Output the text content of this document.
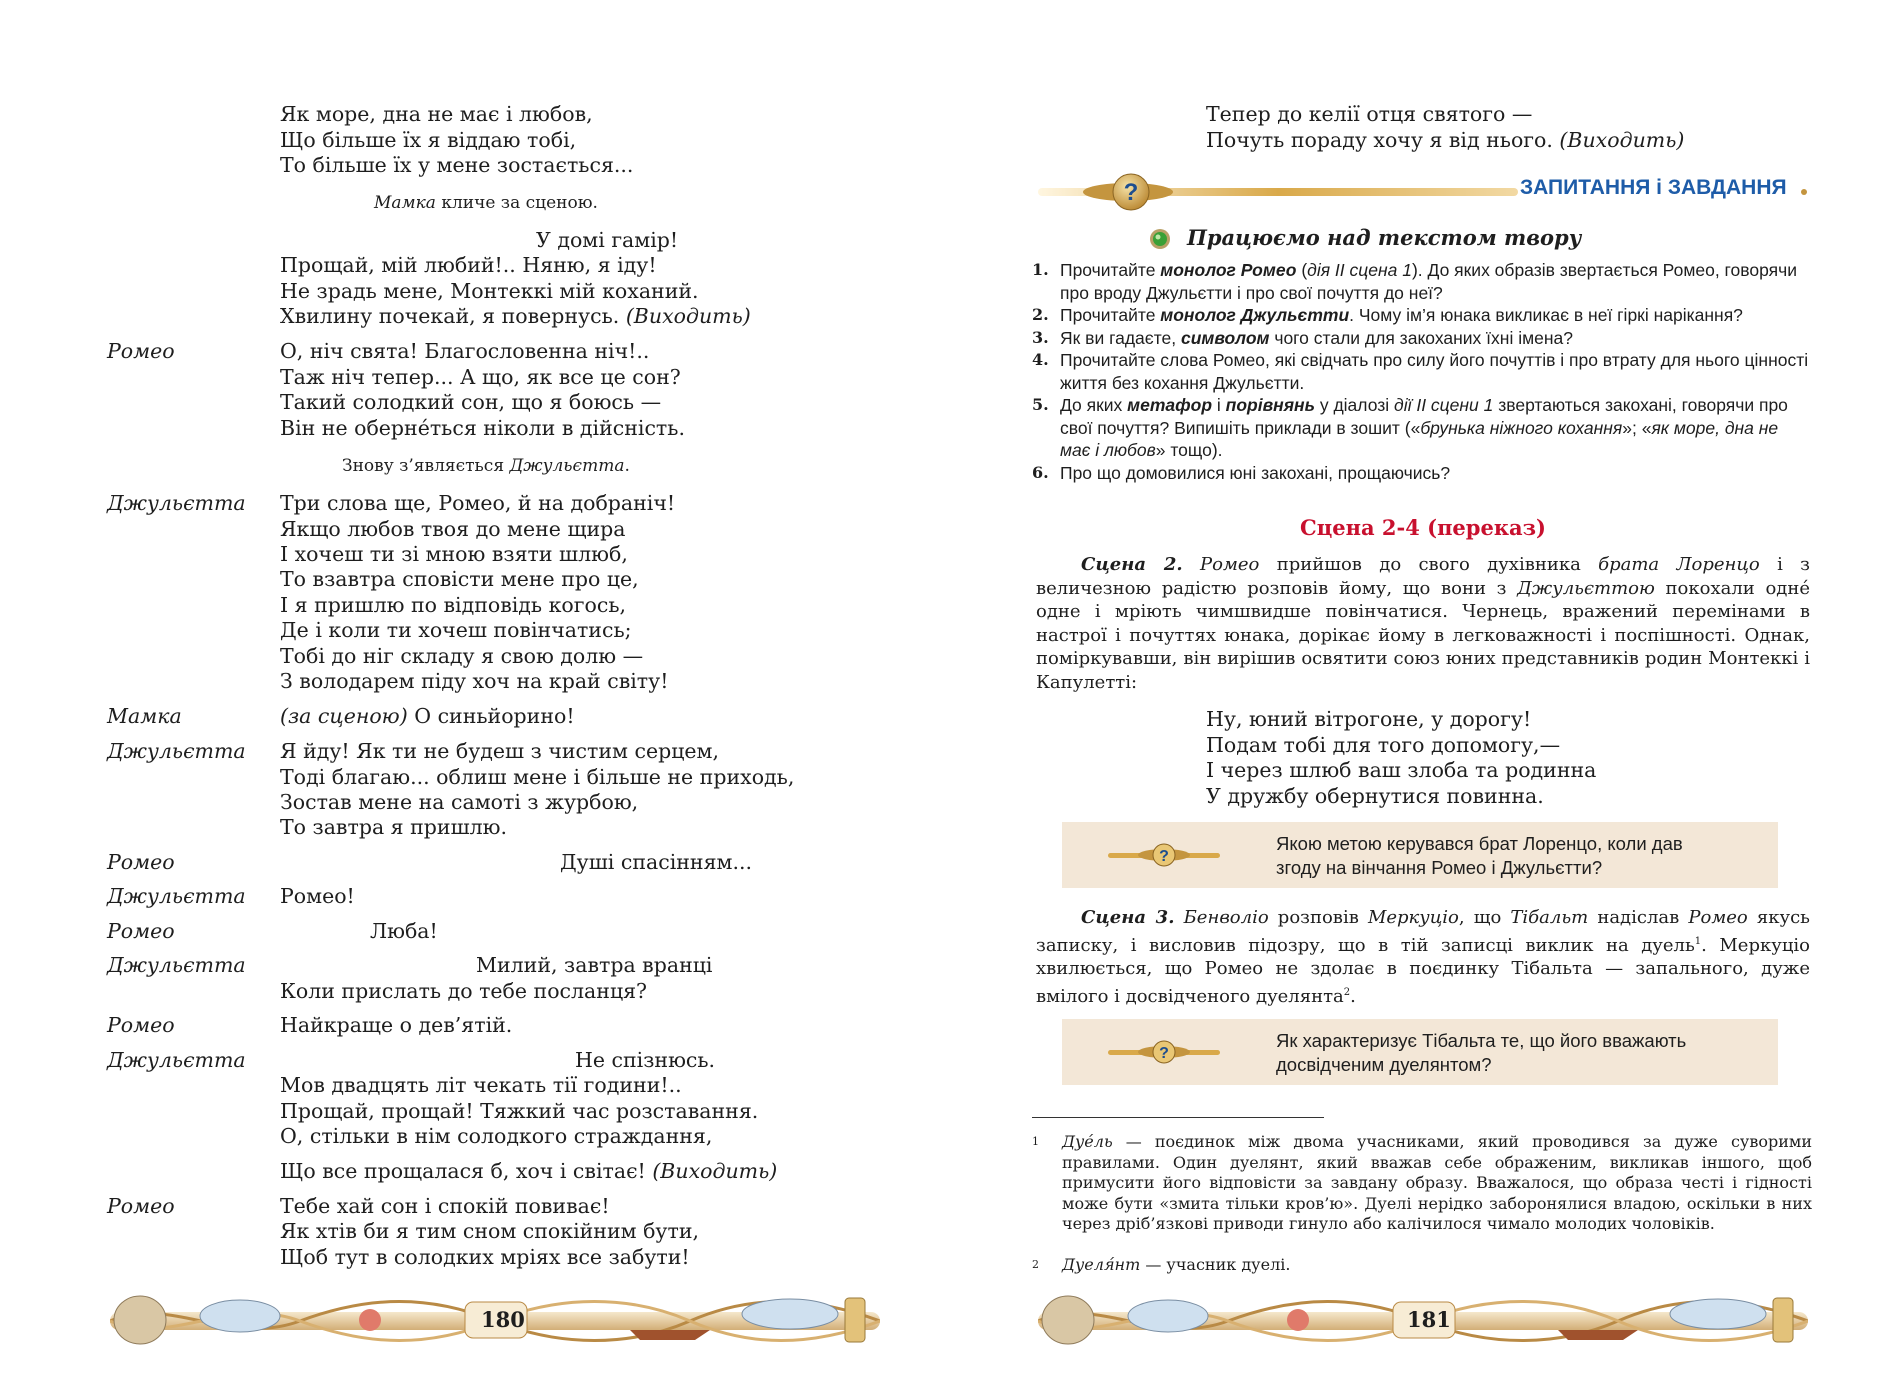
Як море, дна не має і любов,
Що більше їх я віддаю тобі,
То більше їх у мене зостається...
Мамка кличе за сценою.
У домі гамір!
Прощай, мій любий!.. Няню, я іду!
Не зрадь мене, Монтеккі мій коханий.
Хвилину почекай, я повернусь. (Виходить)
Ромео	О, ніч свята! Благословенна ніч!..
Таж ніч тепер... А що, як все це сон?
Такий солодкий сон, що я боюсь —
Він не оберне́ться ніколи в дійсність.
Знову з’являється Джульєтта.
Джульєтта Три слова ще, Ромео, й на добраніч!
Якщо любов твоя до мене щира
І хочеш ти зі мною взяти шлюб,
То взавтра сповісти мене про це,
І я пришлю по відповідь когось,
Де і коли ти хочеш повінчатись;
Тобі до ніг складу я свою долю —
З володарем піду хоч на край світу!
Мамка	(за сценою) О синьйорино!
Джульєтта Я йду! Як ти не будеш з чистим серцем,
Тоді благаю... облиш мене і більше не приходь,
Зостав мене на самоті з журбою,
То завтра я пришлю.
Ромео	Душі спасінням...
Джульєтта Ромео!
Ромео	Люба!
Джульєтта	Милий, завтра вранці
Коли прислать до тебе посланця?
Ромео	Найкраще о дев’ятій.
Джульєтта	Не спізнюсь.
Мов двадцять літ чекать тії години!..
Прощай, прощай! Тяжкий час розставання.
О, стільки в нім солодкого страждання,
Що все прощалася б, хоч і світає! (Виходить)
Ромео	Тебе хай сон і спокій повиває!
Як хтів би я тим сном спокійним бути,
Щоб тут в солодких мріях все забути!
180
Тепер до келії отця святого —
Почуть пораду хочу я від нього. (Виходить)
?	ЗАПИТАННЯ і ЗАВДАННЯ
Працюємо над текстом твору
1. Прочитайте монолог Ромео (дія ІІ сцена 1). До яких образів звертається Ромео, говорячи про вроду Джульєтти і про свої почуття до неї?
2. Прочитайте монолог Джульєтти. Чому ім’я юнака викликає в неї гіркі нарікання?
3. Як ви гадаєте, символом чого стали для закоханих їхні імена?
4. Прочитайте слова Ромео, які свідчать про силу його почуттів і про втрату для нього цінності життя без кохання Джульєтти.
5. До яких метафор і порівнянь у діалозі дії ІІ сцени 1 звертаються закохані, говорячи про свої почуття? Випишіть приклади в зошит («брунька ніжного кохання»; «як море, дна не має і любов» тощо).
6. Про що домовилися юні закохані, прощаючись?
Сцена 2-4 (переказ)
Сцена 2. Ромео прийшов до свого духівника брата Лоренцо і з величезною радістю розповів йому, що вони з Джульєттою покохали одне́ одне і мріють чимшвидше повінчатися. Чернець, вражений перемінами в настрої і почуттях юнака, дорікає йому в легковажності і поспішності. Однак, поміркувавши, він вирішив освятити союз юних представників родин Монтеккі і Капулетті:
Ну, юний вітрогоне, у дорогу!
Подам тобі для того допомогу,—
І через шлюб ваш злоба та родинна
У дружбу обернутися повинна.
?
Якою метою керувався брат Лоренцо, коли дав
згоду на вінчання Ромео і Джульєтти?
Сцена 3. Бенволіо розповів Меркуціо, що Тібальт надіслав Ромео якусь записку, і висловив підозру, що в тій записці виклик на дуель$^1$. Меркуціо хвилюється, що Ромео не здолає в поєдинку Тібальта — запального, дуже вмілого і досвідченого дуелянта$^2$.
?
Як характеризує Тібальта те, що його вважають
досвідченим дуелянтом?
1	Дуе́ль — поєдинок між двома учасниками, який проводився за дуже суворими правилами. Один дуелянт, який вважав себе ображеним, викликав іншого, щоб примусити його відповісти за завдану образу. Вважалося, що образа честі і гідності може бути «змита тільки кров’ю». Дуелі нерідко заборонялися владою, оскільки в них через дріб’язкові приводи гинуло або калічилося чимало молодих чоловіків.
2	Дуеля́нт — учасник дуелі.
181
